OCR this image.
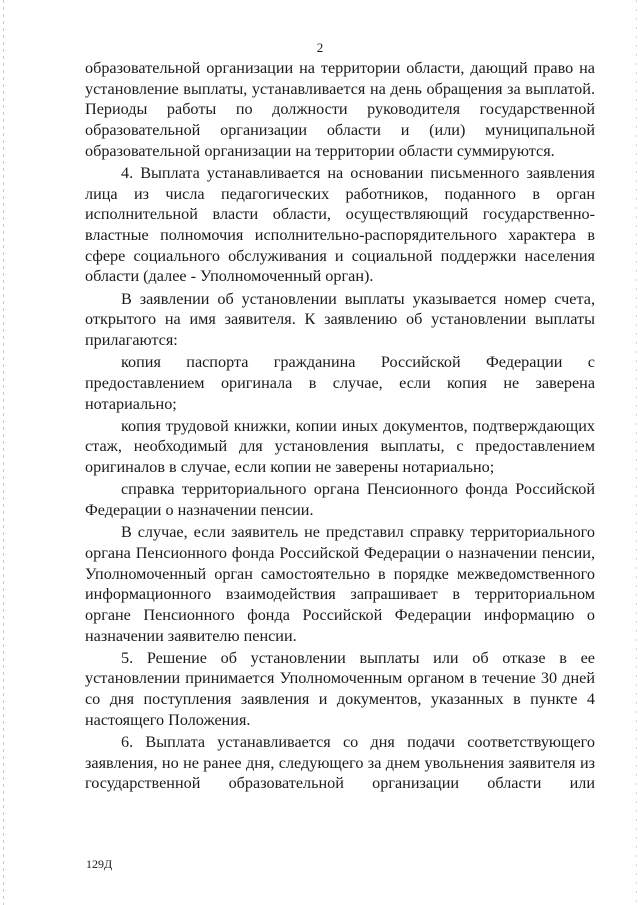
2
образовательной организации на территории области, дающий право на
установление выплаты, устанавливается на день обращения за выплатой.
Периоды работы по должности руководителя государственной
образовательной организации области и (или) муниципальной
образовательной организации на территории области суммируются.
4. Выплата устанавливается на основании письменного заявления
лица из числа педагогических работников, поданного в орган
исполнительной власти области, осуществляющий государственно-
властные полномочия исполнительно-распорядительного характера в
сфере социального обслуживания и социальной поддержки населения
области (далее - Уполномоченный орган).
В заявлении об установлении выплаты указывается номер счета,
открытого на имя заявителя. К заявлению об установлении выплаты
прилагаются:
копия паспорта гражданина Российской Федерации с
предоставлением оригинала в случае, если копия не заверена
нотариально;
копия трудовой книжки, копии иных документов, подтверждающих
стаж, необходимый для установления выплаты, с предоставлением
оригиналов в случае, если копии не заверены нотариально;
справка территориального органа Пенсионного фонда Российской
Федерации о назначении пенсии.
В случае, если заявитель не представил справку территориального
органа Пенсионного фонда Российской Федерации о назначении пенсии,
Уполномоченный орган самостоятельно в порядке межведомственного
информационного взаимодействия запрашивает в территориальном
органе Пенсионного фонда Российской Федерации информацию о
назначении заявителю пенсии.
5. Решение об установлении выплаты или об отказе в ее
установлении принимается Уполномоченным органом в течение 30 дней
со дня поступления заявления и документов, указанных в пункте 4
настоящего Положения.
6. Выплата устанавливается со дня подачи соответствующего
заявления, но не ранее дня, следующего за днем увольнения заявителя из
государственной образовательной организации области или
129Д
